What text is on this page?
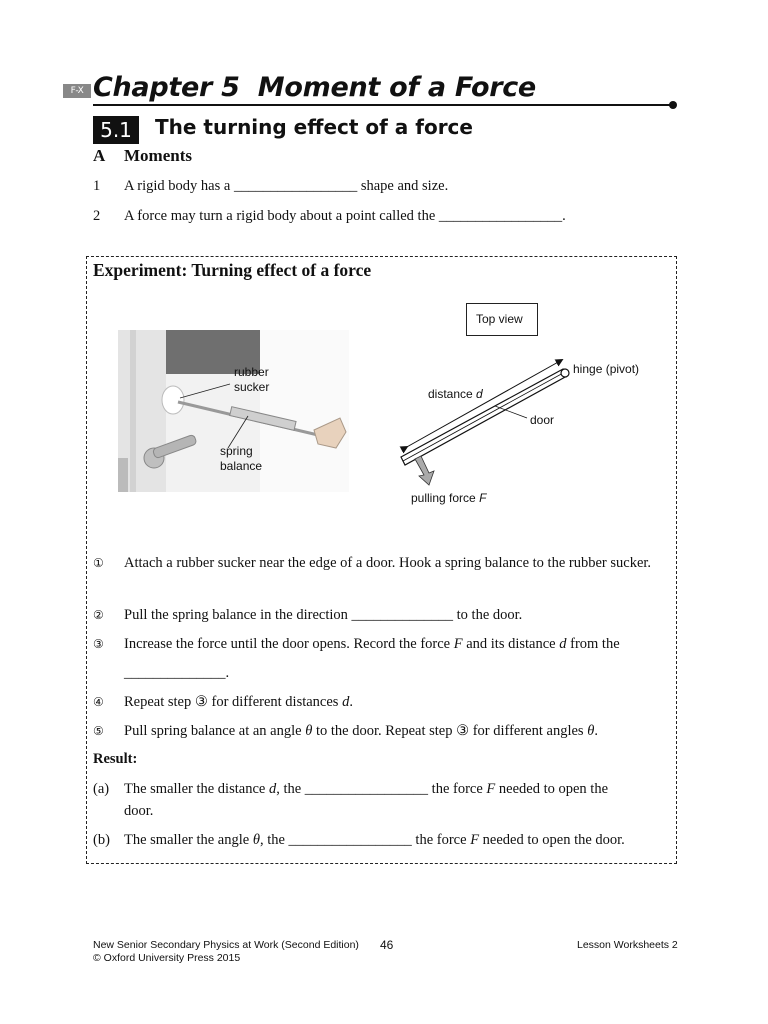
F-X Chapter 5  Moment of a Force
5.1	The turning effect of a force
A Moments
1 A rigid body has a _________________ shape and size.
2 A force may turn a rigid body about a point called the _________________.
Experiment: Turning effect of a force
rubber
sucker
spring
balance
Top view
hinge (pivot)
distance d
door
pulling force F
① Attach a rubber sucker near the edge of a door. Hook a spring balance to the rubber sucker.
② Pull the spring balance in the direction ______________ to the door.
③ Increase the force until the door opens. Record the force F and its distance d from the
______________.
④ Repeat step ③ for different distances d.
⑤ Pull spring balance at an angle θ to the door. Repeat step ③ for different angles θ.
Result:
(a) The smaller the distance d, the _________________ the force F needed to open the
door.
(b) The smaller the angle θ, the _________________ the force F needed to open the door.
New Senior Secondary Physics at Work (Second Edition)
© Oxford University Press 2015
46	Lesson Worksheets 2
